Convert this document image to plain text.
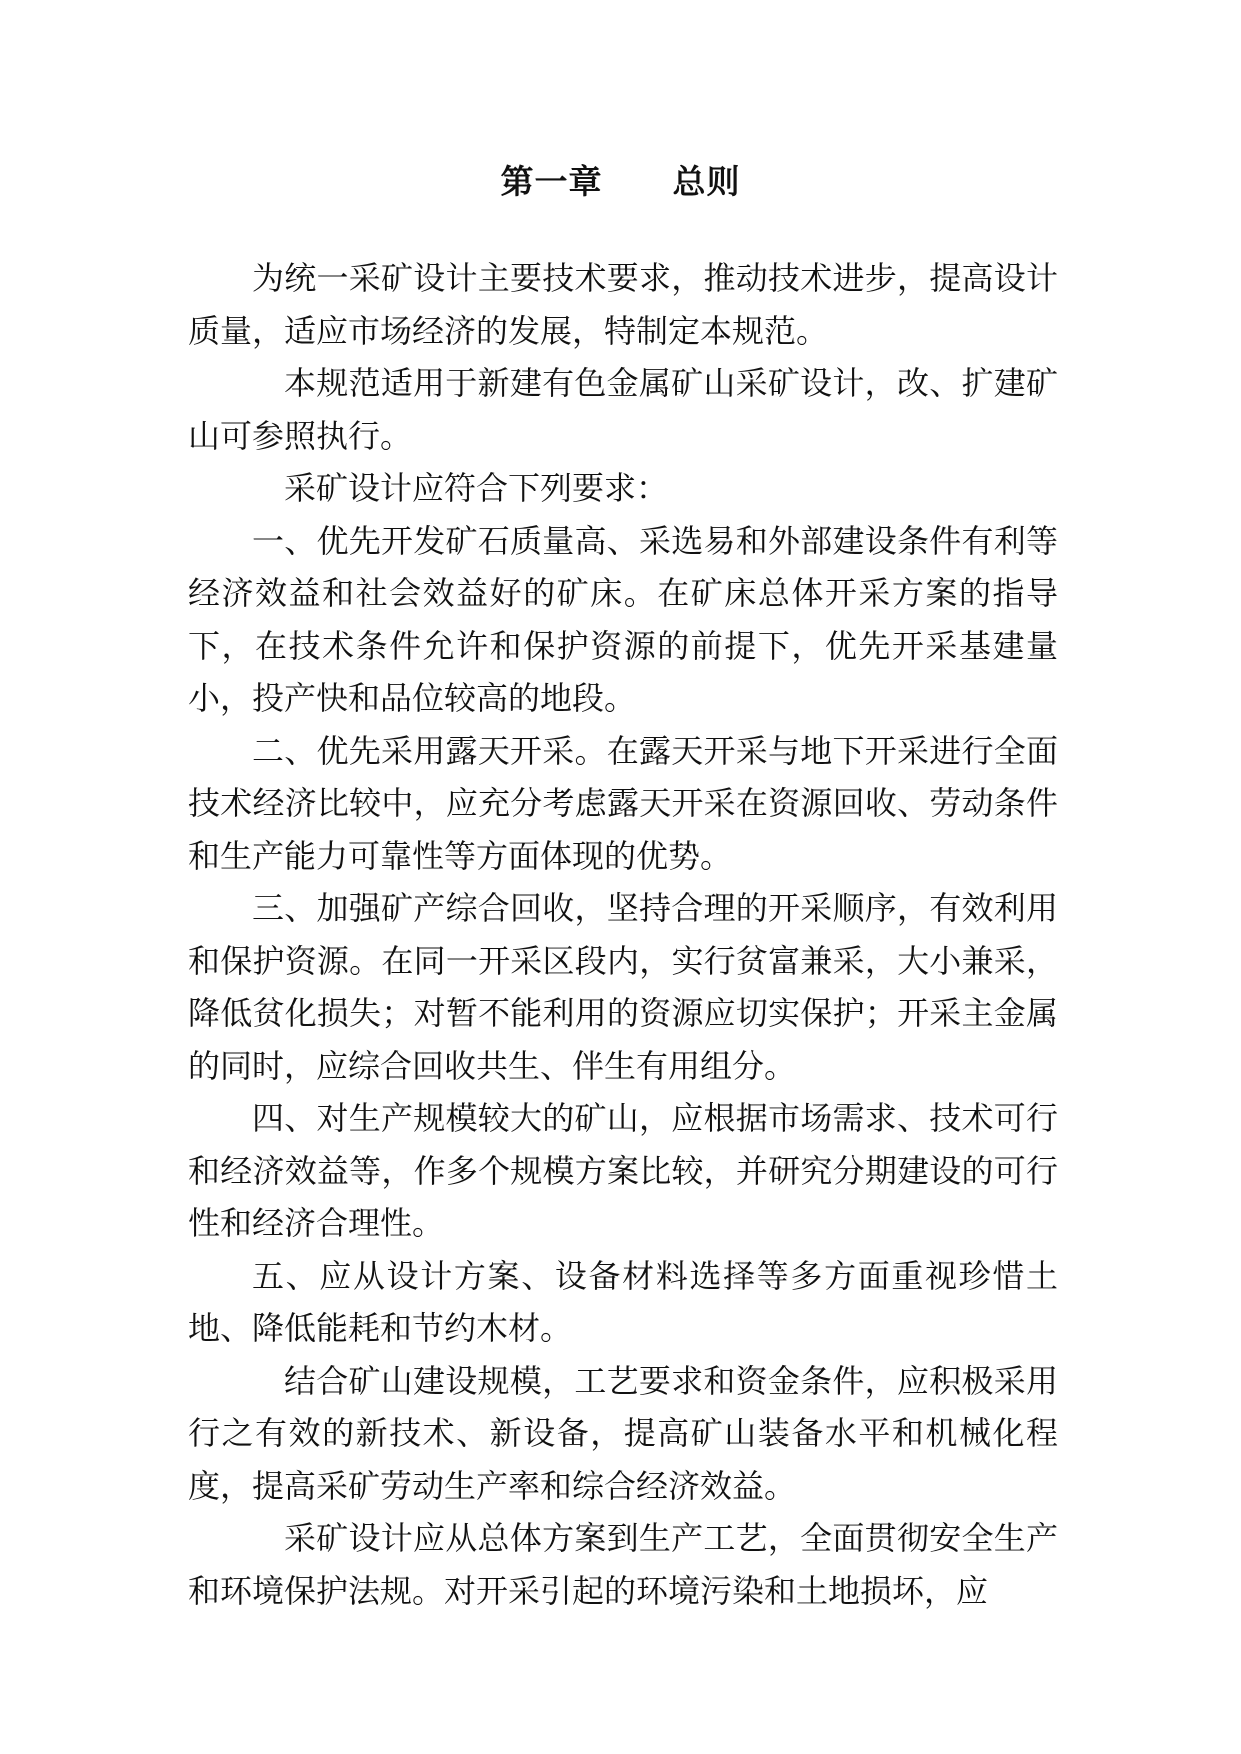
第一章 总则

为统一采矿设计主要技术要求，推动技术进步，提高设计质量，适应市场经济的发展，特制定本规范。

本规范适用于新建有色金属矿山采矿设计，改、扩建矿山可参照执行。

采矿设计应符合下列要求：

一、优先开发矿石质量高、采选易和外部建设条件有利等经济效益和社会效益好的矿床。在矿床总体开采方案的指导下，在技术条件允许和保护资源的前提下，优先开采基建量小，投产快和品位较高的地段。

二、优先采用露天开采。在露天开采与地下开采进行全面技术经济比较中，应充分考虑露天开采在资源回收、劳动条件和生产能力可靠性等方面体现的优势。

三、加强矿产综合回收，坚持合理的开采顺序，有效利用和保护资源。在同一开采区段内，实行贫富兼采，大小兼采，降低贫化损失；对暂不能利用的资源应切实保护；开采主金属的同时，应综合回收共生、伴生有用组分。

四、对生产规模较大的矿山，应根据市场需求、技术可行和经济效益等，作多个规模方案比较，并研究分期建设的可行性和经济合理性。

五、应从设计方案、设备材料选择等多方面重视珍惜土地、降低能耗和节约木材。

结合矿山建设规模，工艺要求和资金条件，应积极采用行之有效的新技术、新设备，提高矿山装备水平和机械化程度，提高采矿劳动生产率和综合经济效益。

采矿设计应从总体方案到生产工艺，全面贯彻安全生产和环境保护法规。对开采引起的环境污染和土地损坏，应
